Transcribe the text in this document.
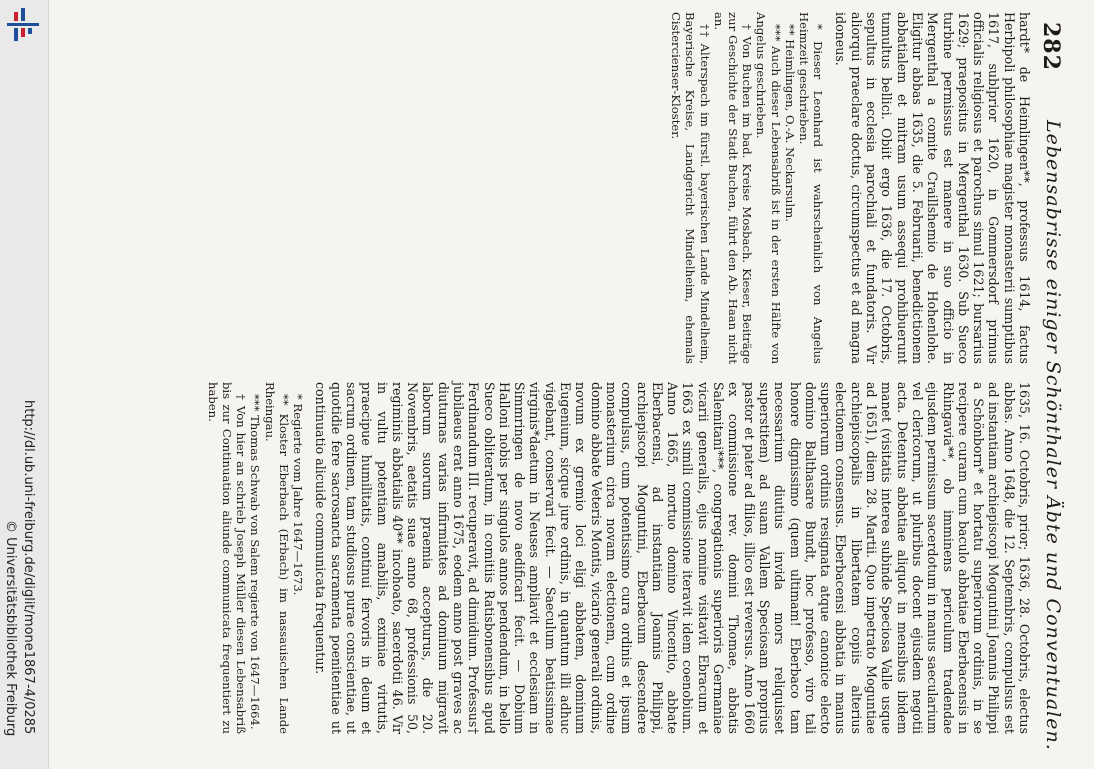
http://dl.ub.uni-freiburg.de/diglit/mone1867-4/0285
© Universitätsbibliothek Freiburg
282
Lebensabrisse einiger Schönthaler Äbte und Conventualen.

hardt* de Heimlingen**, professus 1614, factus Herbipoli philosophiae magister monasterii sumptibus 1617, sublprior 1620, in Gommersdorf primus officialis religiosus et parochus simul 1621; bursarius 1629; praepositus in Mergenthal 1630. Sub Sueco turbine permissus est manere in suo officio in Mergenthal a comite Craillshemio de Hohenlohe. Eligitur abbas 1635, die 5. Februarii, benedictionem abbatialem et mitram usum assequi prohibuerunt tumultus bellici. Obiit ergo 1636, die 17. Octobris, sepultus in ecclesia parochiali et fundatoris. Vir aliorqui praeclare doctus, circumspectus et ad magna idoneus.

* Dieser Leonhard ist wahrscheinlich von Angelus Heimzeit geschrieben.

** Heimlingen, O.-A. Neckarsulm.

*** Auch dieser Lebensabriß ist in der ersten Hälfte von Angelus geschrieben.

† Von Buchen im bad. Kreise Mosbach. Kieser, Beiträge zur Geschichte der Stadt Buchen, führt den Ab. Haan nicht an.

†† Alterspach im fürstl. bayerischen Lande Mindelheim, Bayerische Kreise, Landgericht Mindelheim, ehemals Cistercienser-Kloster.

1635, 16. Octobris, prior; 1636, 28. Octobris, electus abbas. Anno 1648, die 12. Septembris, compulsus est ad instantiam archiepiscopi Moguntini Joannis Philippi a Schönborn* et hortatu superiorum ordinis, in se recipere curam cum baculo abbatiae Eberbacensis in Rhingavia**, ob imminens periculum tradendae ejusdem permissum sacerdotum in manus saecularium vel clericorum, ut pluribus docent ejusdem negotii acta. Detentus abbatiae aliquot in mensibus ibidem manet (visitatis interea subinde Speciosa Valle usque ad 1651), diem 28. Martii. Quo impetrato Moguntiae archiepiscopalis in libertatem copiis alterius electionem consensus. Eberbacensi abbatia in manus superiorum ordinis resignata atque canonice electo domino Balthasare Bundt, hoc professo, viro tali honore dignissimo (quem ultimam! Eberbaco tam necessarium diutius invida mors reliquisset superstitem) ad suam Vallem Speciosam proprius pastor et pater ad filios, illico est reversus. Anno 1660 ex commissione rev. domini Thomae, abbatis Salemitani***, congregationis superioris Germaniae vicarii generalis, ejus nomine visitavit Ebracum et 1663 ex simili commissione iteravit idem coenobium. Anno 1665, mortuo domino Vincentio, abbate Eberbacensi, ad instantiam Joannis Philippi, archiepiscopi Moguntini, Eberbacum descendere compulsus, cum potentissimo cura ordinis et ipsum monasterium circa novam electionem, cum ordine domino abbate Veteris Montis, vicario generali ordinis, novum ex gremio loci eligi abbatem, dominum Eugenium, sicque jure ordinis, in quantum illi adhuc vigebant, conservari fecit. — Saeculum beatissimae virginis*daetum in Neuses ampliavit et ecclesiam in Simmringen de novo aedificari fecit. — Dobium Halloni nobis per singulos annos pendendum, in bello Sueco obliteratum, in comitiis Ratisbonensibus apud Ferdinandum III. recuperavit, ad dimidium. Professus† jubilaeus erat anno 1675, eodem anno post graves ac diuturnas varias infirmitates ad dominum migravit laborum suorum praemia accepturus, die 20. Novembris, aetatis suae anno 68, professionis 50, regiminis abbatialis 40** incohoato, sacerdotii 46. Vir in vultu potentiam amabilis, eximiae virtutis, praecipue humilitatis, continui fervoris in deum et sacrum ordinem, tam studiosus purae conscientiae, ut quotidie fere sacrosancta sacramenta poenitentiae ut continuatio alicuide communicata frequentur.

* Regierte vom Jahre 1647—1673.

** Kloster Eberbach (Erbach) im nassauischen Lande Rheingau.

*** Thomas Schwab von Salem regierte von 1647—1664.

† Von hier an schrieb Joseph Müller diesen Lebensabriß bis zur Continuation aliunde communicata frequentiert zu haben.
